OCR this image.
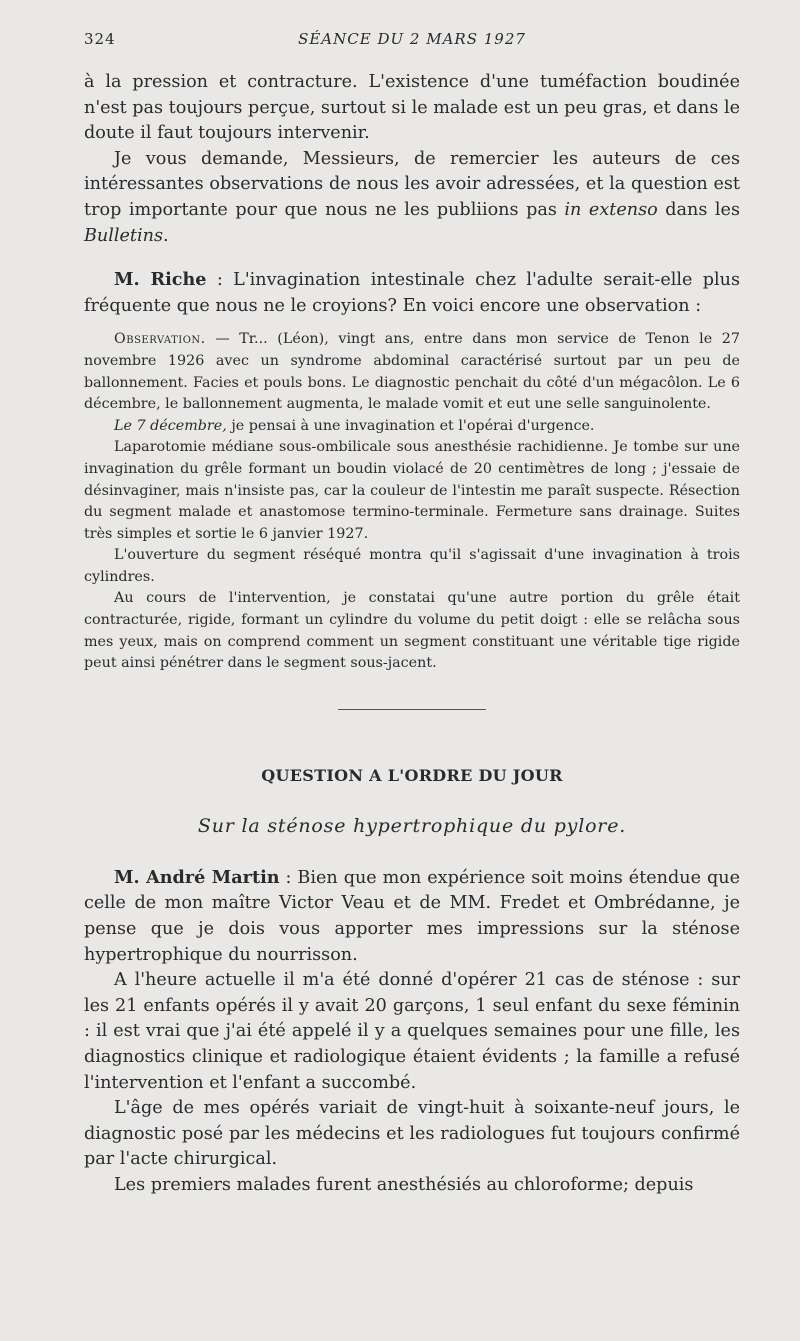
324	SÉANCE DU 2 MARS 1927

à la pression et contracture. L'existence d'une tuméfaction boudinée n'est pas toujours perçue, surtout si le malade est un peu gras, et dans le doute il faut toujours intervenir.

Je vous demande, Messieurs, de remercier les auteurs de ces intéressantes observations de nous les avoir adressées, et la question est trop importante pour que nous ne les publiions pas in extenso dans les Bulletins.

M. Riche : L'invagination intestinale chez l'adulte serait-elle plus fréquente que nous ne le croyions? En voici encore une observation :

Observation. — Tr... (Léon), vingt ans, entre dans mon service de Tenon le 27 novembre 1926 avec un syndrome abdominal caractérisé surtout par un peu de ballonnement. Facies et pouls bons. Le diagnostic penchait du côté d'un mégacôlon. Le 6 décembre, le ballonnement augmenta, le malade vomit et eut une selle sanguinolente.

Le 7 décembre, je pensai à une invagination et l'opérai d'urgence.

Laparotomie médiane sous-ombilicale sous anesthésie rachidienne. Je tombe sur une invagination du grêle formant un boudin violacé de 20 centimètres de long ; j'essaie de désinvaginer, mais n'insiste pas, car la couleur de l'intestin me paraît suspecte. Résection du segment malade et anastomose termino-terminale. Fermeture sans drainage. Suites très simples et sortie le 6 janvier 1927.

L'ouverture du segment réséqué montra qu'il s'agissait d'une invagination à trois cylindres.

Au cours de l'intervention, je constatai qu'une autre portion du grêle était contracturée, rigide, formant un cylindre du volume du petit doigt : elle se relâcha sous mes yeux, mais on comprend comment un segment constituant une véritable tige rigide peut ainsi pénétrer dans le segment sous-jacent.

QUESTION A L'ORDRE DU JOUR
Sur la sténose hypertrophique du pylore.

M. André Martin : Bien que mon expérience soit moins étendue que celle de mon maître Victor Veau et de MM. Fredet et Ombrédanne, je pense que je dois vous apporter mes impressions sur la sténose hypertrophique du nourrisson.

A l'heure actuelle il m'a été donné d'opérer 21 cas de sténose : sur les 21 enfants opérés il y avait 20 garçons, 1 seul enfant du sexe féminin : il est vrai que j'ai été appelé il y a quelques semaines pour une fille, les diagnostics clinique et radiologique étaient évidents ; la famille a refusé l'intervention et l'enfant a succombé.

L'âge de mes opérés variait de vingt-huit à soixante-neuf jours, le diagnostic posé par les médecins et les radiologues fut toujours confirmé par l'acte chirurgical.

Les premiers malades furent anesthésiés au chloroforme; depuis
